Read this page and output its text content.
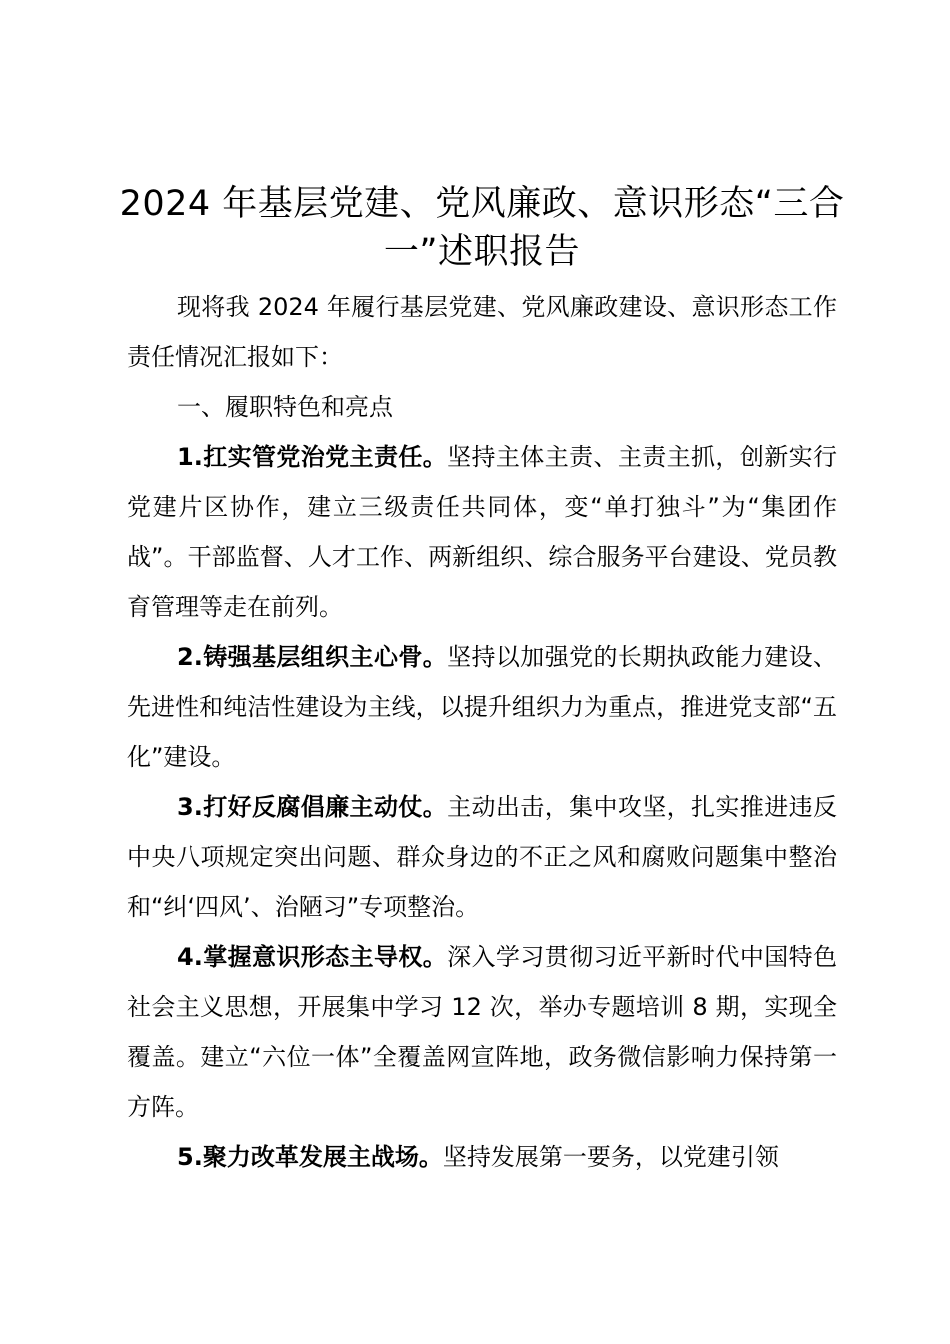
2024 年基层党建、党风廉政、意识形态“三合一”述职报告

现将我 2024 年履行基层党建、党风廉政建设、意识形态工作责任情况汇报如下：

一、履职特色和亮点

1.扛实管党治党主责任。坚持主体主责、主责主抓，创新实行党建片区协作，建立三级责任共同体，变“单打独斗”为“集团作战”。干部监督、人才工作、两新组织、综合服务平台建设、党员教育管理等走在前列。

2.铸强基层组织主心骨。坚持以加强党的长期执政能力建设、先进性和纯洁性建设为主线，以提升组织力为重点，推进党支部“五化”建设。

3.打好反腐倡廉主动仗。主动出击，集中攻坚，扎实推进违反中央八项规定突出问题、群众身边的不正之风和腐败问题集中整治和“纠‘四风’、治陋习”专项整治。

4.掌握意识形态主导权。深入学习贯彻习近平新时代中国特色社会主义思想，开展集中学习 12 次，举办专题培训 8 期，实现全覆盖。建立“六位一体”全覆盖网宣阵地，政务微信影响力保持第一方阵。

5.聚力改革发展主战场。坚持发展第一要务，以党建引领
